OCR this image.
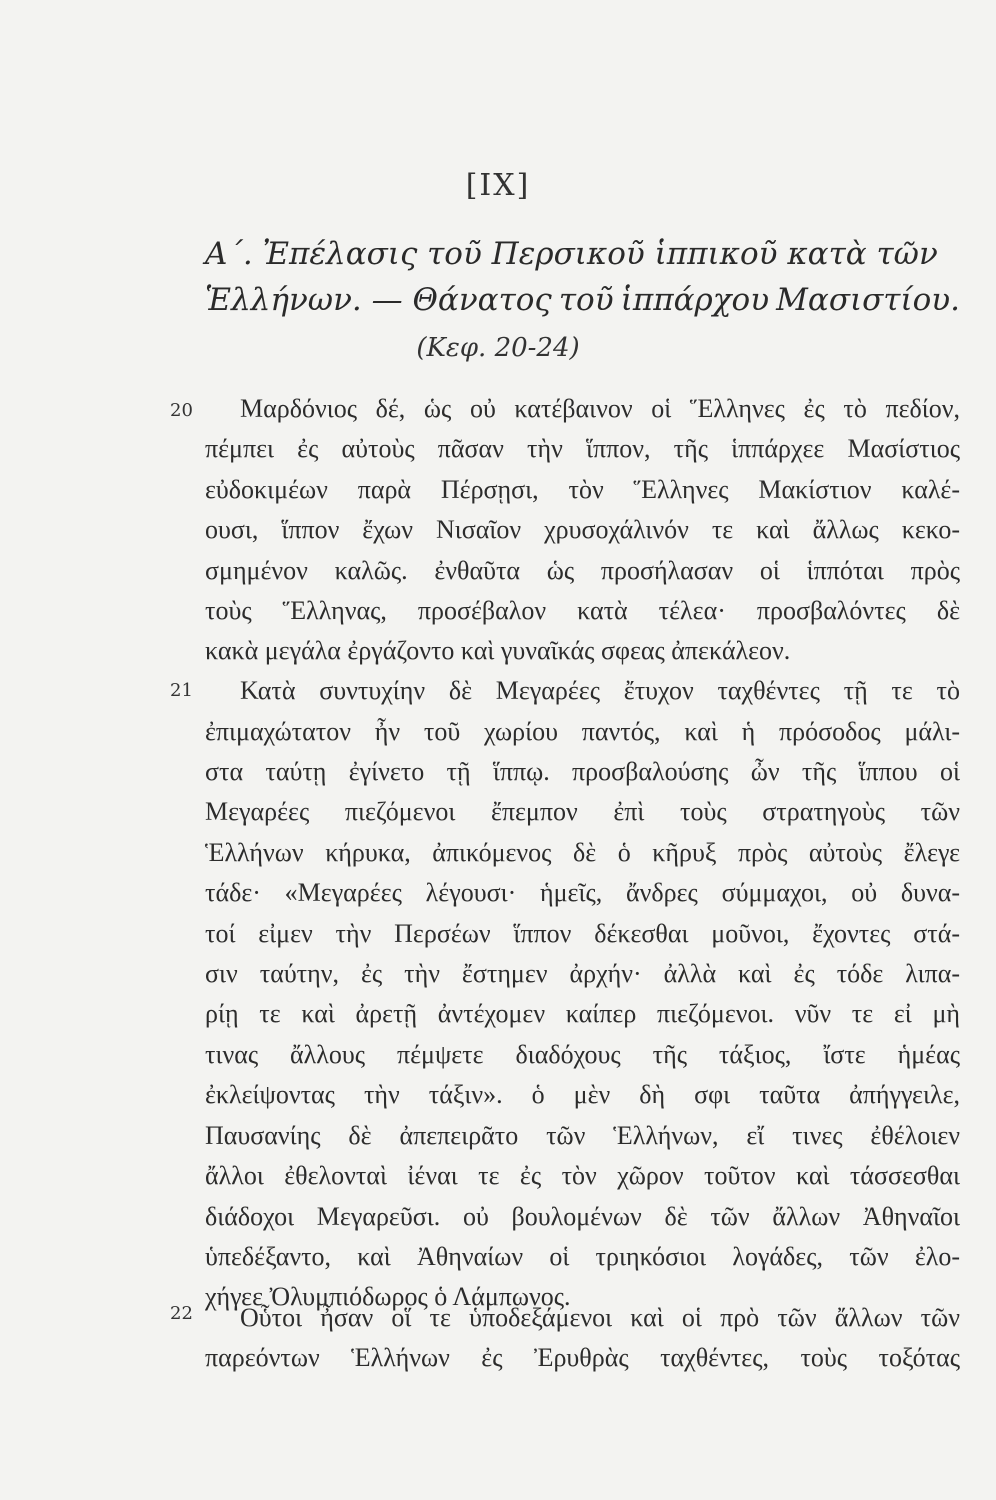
[IX]
Α΄. Ἐπέλασις τοῦ Περσικοῦ ἱππικοῦ κατὰ τῶν
Ἑλλήνων. — Θάνατος τοῦ ἱππάρχου Μασιστίου.
(Κεφ. 20-24)
20
21
22
Μαρδόνιος δέ, ὡς οὐ κατέβαινον οἱ Ἕλληνες ἐς τὸ πεδίον,
πέμπει ἐς αὐτοὺς πᾶσαν τὴν ἵππον, τῆς ἱππάρχεε Μασίστιος
εὐδοκιμέων παρὰ Πέρσῃσι, τὸν Ἕλληνες Μακίστιον καλέ-
ουσι, ἵππον ἔχων Νισαῖον χρυσοχάλινόν τε καὶ ἄλλως κεκο-
σμημένον καλῶς. ἐνθαῦτα ὡς προσήλασαν οἱ ἱππόται πρὸς
τοὺς Ἕλληνας, προσέβαλον κατὰ τέλεα· προσβαλόντες δὲ
κακὰ μεγάλα ἐργάζοντο καὶ γυναῖκάς σφεας ἀπεκάλεον.
Κατὰ συντυχίην δὲ Μεγαρέες ἔτυχον ταχθέντες τῇ τε τὸ
ἐπιμαχώτατον ἦν τοῦ χωρίου παντός, καὶ ἡ πρόσοδος μάλι-
στα ταύτῃ ἐγίνετο τῇ ἵππῳ. προσβαλούσης ὦν τῆς ἵππου οἱ
Μεγαρέες πιεζόμενοι ἔπεμπον ἐπὶ τοὺς στρατηγοὺς τῶν
Ἑλλήνων κήρυκα, ἀπικόμενος δὲ ὁ κῆρυξ πρὸς αὐτοὺς ἔλεγε
τάδε· «Μεγαρέες λέγουσι· ἡμεῖς, ἄνδρες σύμμαχοι, οὐ δυνα-
τοί εἰμεν τὴν Περσέων ἵππον δέκεσθαι μοῦνοι, ἔχοντες στά-
σιν ταύτην, ἐς τὴν ἔστημεν ἀρχήν· ἀλλὰ καὶ ἐς τόδε λιπα-
ρίῃ τε καὶ ἀρετῇ ἀντέχομεν καίπερ πιεζόμενοι. νῦν τε εἰ μὴ
τινας ἄλλους πέμψετε διαδόχους τῆς τάξιος, ἴστε ἡμέας
ἐκλείψοντας τὴν τάξιν». ὁ μὲν δὴ σφι ταῦτα ἀπήγγειλε,
Παυσανίης δὲ ἀπεπειρᾶτο τῶν Ἑλλήνων, εἴ τινες ἐθέλοιεν
ἄλλοι ἐθελονταὶ ἰέναι τε ἐς τὸν χῶρον τοῦτον καὶ τάσσεσθαι
διάδοχοι Μεγαρεῦσι. οὐ βουλομένων δὲ τῶν ἄλλων Ἀθηναῖοι
ὑπεδέξαντο, καὶ Ἀθηναίων οἱ τριηκόσιοι λογάδες, τῶν ἐλο-
χήγεε Ὀλυμπιόδωρος ὁ Λάμπωνος.
Οὗτοι ἦσαν οἵ τε ὑποδεξάμενοι καὶ οἱ πρὸ τῶν ἄλλων τῶν
παρεόντων Ἑλλήνων ἐς Ἐρυθρὰς ταχθέντες, τοὺς τοξότας
